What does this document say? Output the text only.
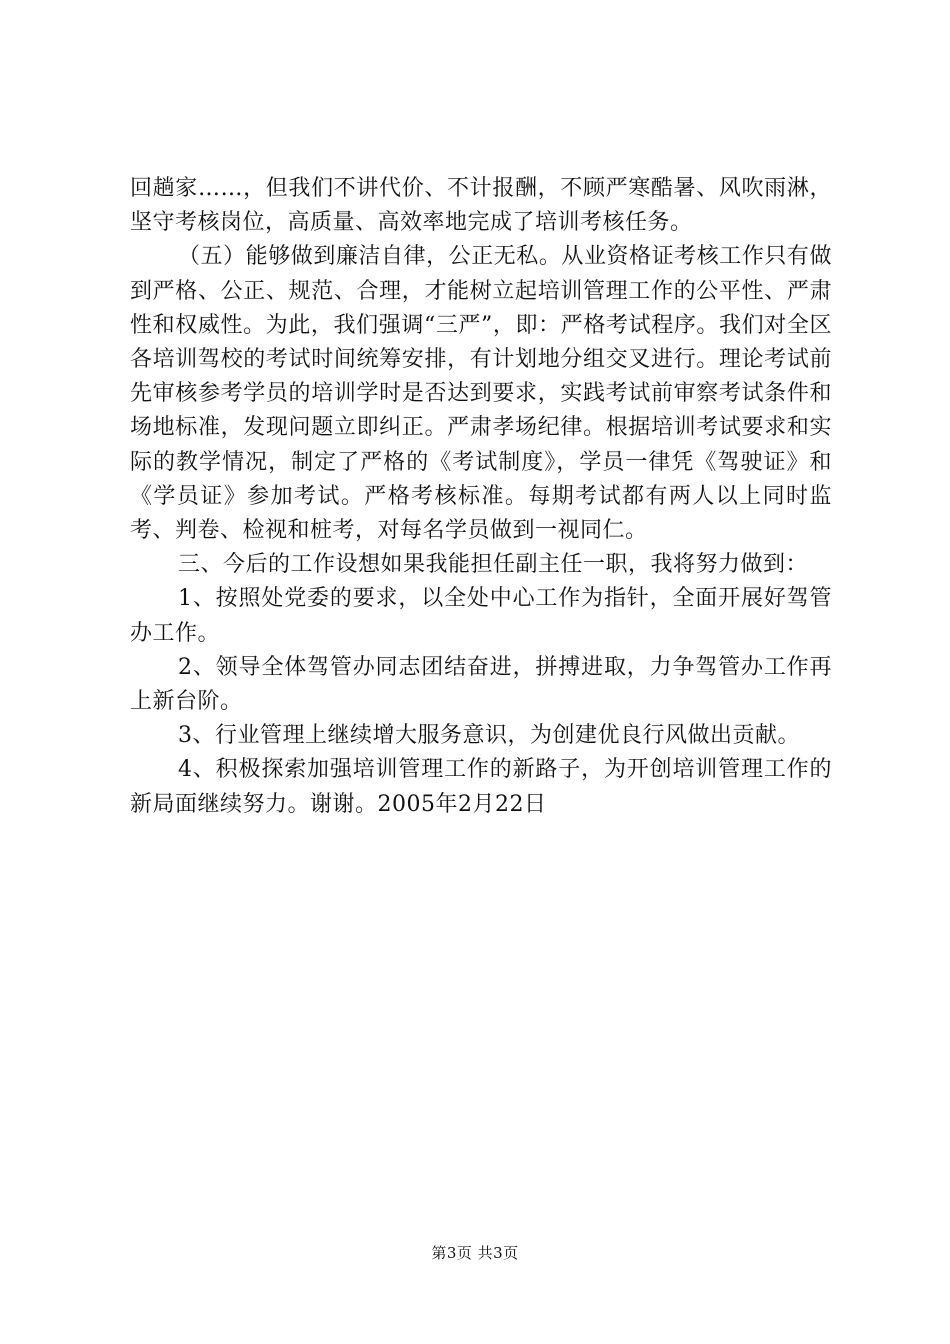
回趟家……，但我们不讲代价、不计报酬，不顾严寒酷暑、风吹雨淋，坚守考核岗位，高质量、高效率地完成了培训考核任务。

（五）能够做到廉洁自律，公正无私。从业资格证考核工作只有做到严格、公正、规范、合理，才能树立起培训管理工作的公平性、严肃性和权威性。为此，我们强调“三严”，即：严格考试程序。我们对全区各培训驾校的考试时间统筹安排，有计划地分组交叉进行。理论考试前先审核参考学员的培训学时是否达到要求，实践考试前审察考试条件和场地标准，发现问题立即纠正。严肃孝场纪律。根据培训考试要求和实际的教学情况，制定了严格的《考试制度》，学员一律凭《驾驶证》和《学员证》参加考试。严格考核标准。每期考试都有两人以上同时监考、判卷、检视和桩考，对每名学员做到一视同仁。

三、今后的工作设想如果我能担任副主任一职，我将努力做到：

1、按照处党委的要求，以全处中心工作为指针，全面开展好驾管办工作。

2、领导全体驾管办同志团结奋进，拼搏进取，力争驾管办工作再上新台阶。

3、行业管理上继续增大服务意识，为创建优良行风做出贡献。

4、积极探索加强培训管理工作的新路子，为开创培训管理工作的新局面继续努力。谢谢。2005年2月22日

第3页 共3页
